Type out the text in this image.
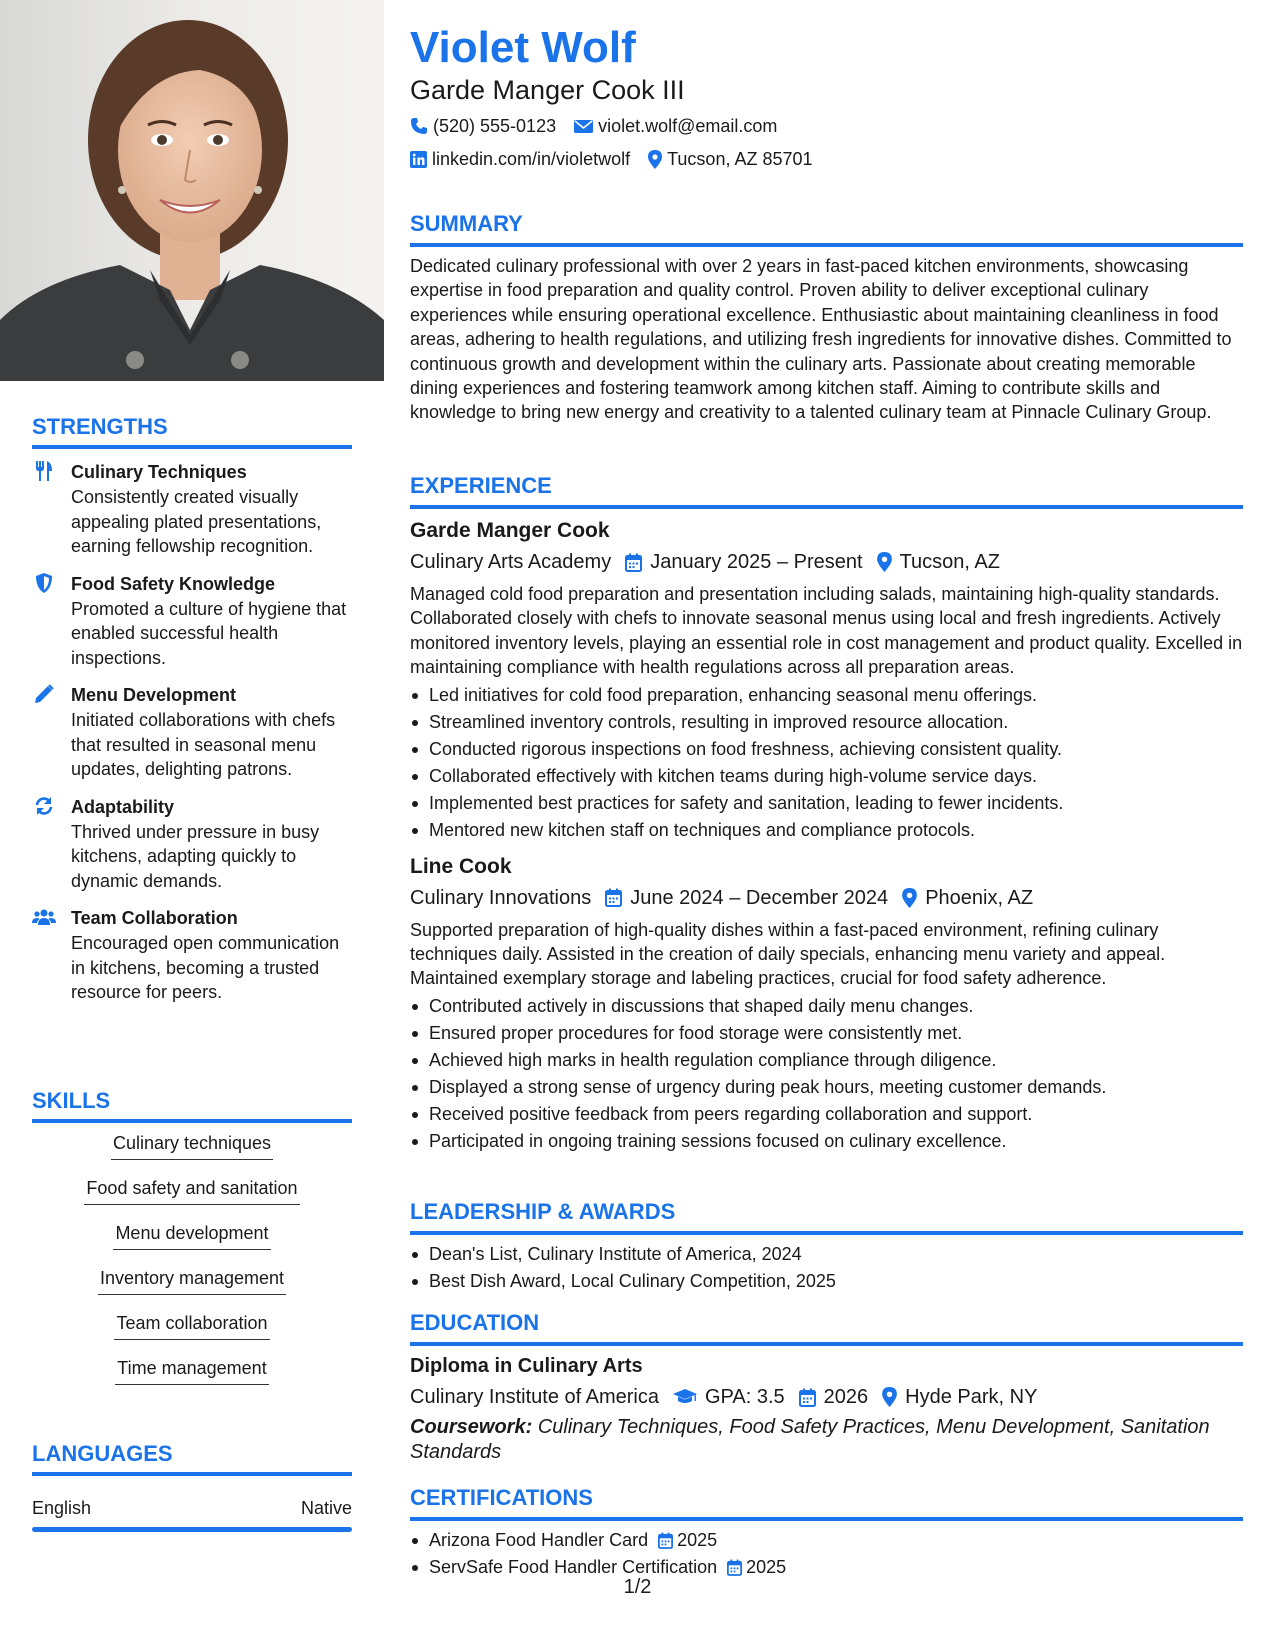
STRENGTHS
Culinary Techniques
Consistently created visually appealing plated presentations, earning fellowship recognition.
Food Safety Knowledge
Promoted a culture of hygiene that enabled successful health inspections.
Menu Development
Initiated collaborations with chefs that resulted in seasonal menu updates, delighting patrons.
Adaptability
Thrived under pressure in busy kitchens, adapting quickly to dynamic demands.
Team Collaboration
Encouraged open communication in kitchens, becoming a trusted resource for peers.
SKILLS
Culinary techniques
Food safety and sanitation
Menu development
Inventory management
Team collaboration
Time management
LANGUAGES
English	Native
Violet Wolf
Garde Manger Cook III
(520) 555-0123 violet.wolf@email.com
linkedin.com/in/violetwolf Tucson, AZ 85701
SUMMARY
Dedicated culinary professional with over 2 years in fast-paced kitchen environments, showcasing expertise in food preparation and quality control. Proven ability to deliver exceptional culinary experiences while ensuring operational excellence. Enthusiastic about maintaining cleanliness in food areas, adhering to health regulations, and utilizing fresh ingredients for innovative dishes. Committed to continuous growth and development within the culinary arts. Passionate about creating memorable dining experiences and fostering teamwork among kitchen staff. Aiming to contribute skills and knowledge to bring new energy and creativity to a talented culinary team at Pinnacle Culinary Group.
EXPERIENCE
Garde Manger Cook
Culinary Arts Academy January 2025 – Present Tucson, AZ
Managed cold food preparation and presentation including salads, maintaining high-quality standards. Collaborated closely with chefs to innovate seasonal menus using local and fresh ingredients. Actively monitored inventory levels, playing an essential role in cost management and product quality. Excelled in maintaining compliance with health regulations across all preparation areas.
Led initiatives for cold food preparation, enhancing seasonal menu offerings.
Streamlined inventory controls, resulting in improved resource allocation.
Conducted rigorous inspections on food freshness, achieving consistent quality.
Collaborated effectively with kitchen teams during high-volume service days.
Implemented best practices for safety and sanitation, leading to fewer incidents.
Mentored new kitchen staff on techniques and compliance protocols.
Line Cook
Culinary Innovations June 2024 – December 2024 Phoenix, AZ
Supported preparation of high-quality dishes within a fast-paced environment, refining culinary techniques daily. Assisted in the creation of daily specials, enhancing menu variety and appeal. Maintained exemplary storage and labeling practices, crucial for food safety adherence.
Contributed actively in discussions that shaped daily menu changes.
Ensured proper procedures for food storage were consistently met.
Achieved high marks in health regulation compliance through diligence.
Displayed a strong sense of urgency during peak hours, meeting customer demands.
Received positive feedback from peers regarding collaboration and support.
Participated in ongoing training sessions focused on culinary excellence.
LEADERSHIP & AWARDS
Dean's List, Culinary Institute of America, 2024
Best Dish Award, Local Culinary Competition, 2025
EDUCATION
Diploma in Culinary Arts
Culinary Institute of America GPA: 3.5 2026 Hyde Park, NY
Coursework: Culinary Techniques, Food Safety Practices, Menu Development, Sanitation Standards
CERTIFICATIONS
Arizona Food Handler Card 2025
ServSafe Food Handler Certification 2025
1/2
